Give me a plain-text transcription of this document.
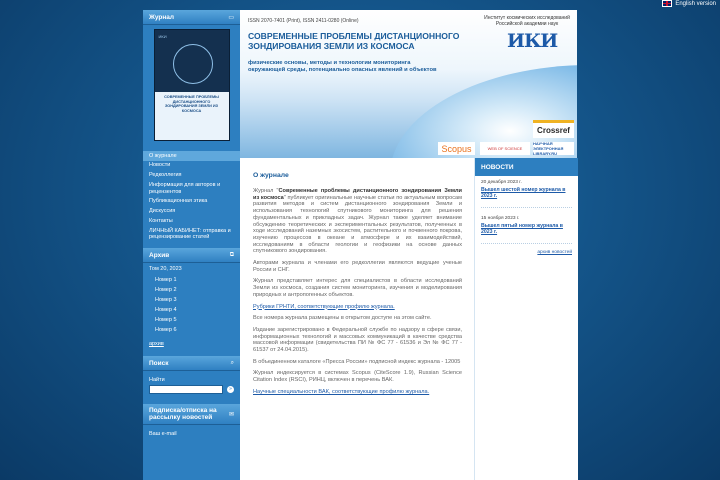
English version
Журнал	▭
ИКИ
СОВРЕМЕННЫЕ ПРОБЛЕМЫ ДИСТАНЦИОННОГО ЗОНДИРОВАНИЯ ЗЕМЛИ ИЗ КОСМОСА
О журнале
Новости
Редколлегия
Информация для авторов и рецензентов
Публикационная этика
Дискуссия
Контакты
ЛИЧНЫЙ КАБИНЕТ: отправка и рецензирование статей
Архив	⧉
Том 20, 2023
Номер 1
Номер 2
Номер 3
Номер 4
Номер 5
Номер 6
архив
Поиск	⌕
Найти
»
Подписка/отписка на рассылку новостей	✉
Ваш e-mail
ISSN 2070-7401 (Print), ISSN 2411-0280 (Online)
СОВРЕМЕННЫЕ ПРОБЛЕМЫ ДИСТАНЦИОННОГО ЗОНДИРОВАНИЯ ЗЕМЛИ ИЗ КОСМОСА
физические основы, методы и технологии мониторинга окружающей среды, потенциально опасных явлений и объектов
Институт космических исследований Российской академии наук
ИКИ
Crossref
Scopus	WEB OF SCIENCE
НАУЧНАЯ ЭЛЕКТРОННАЯ LIBRARY.RU
О журнале

Журнал "Современные проблемы дистанционного зондирования Земли из космоса" публикует оригинальные научные статьи по актуальным вопросам развития методов и систем дистанционного зондирования Земли и использования технологий спутникового мониторинга для решения фундаментальных и прикладных задач. Журнал также уделяет внимание обсуждению теоретических и экспериментальных результатов, полученных в ходе исследований наземных экосистем, растительного и почвенного покрова, изучению процессов в океане и атмосфере и их взаимодействий, исследованиям в области геологии и геофизики на основе данных спутникового зондирования.

Авторами журнала и членами его редколлегии являются ведущие ученые России и СНГ.

Журнал представляет интерес для специалистов в области исследований Земли из космоса, создания систем мониторинга, изучения и моделирования природных и антропогенных объектов.

Рубрики ГРНТИ, соответствующие профилю журнала.

Все номера журнала размещены в открытом доступе на этом сайте.

Издание зарегистрировано в Федеральной службе по надзору в сфере связи, информационных технологий и массовых коммуникаций в качестве средства массовой информации (свидетельства ПИ № ФС 77 - 61536 и Эл № ФС 77 - 61537 от 24.04.2015).

В объединенном каталоге «Пресса России» подписной индекс журнала - 12005

Журнал индексируется в системах Scopus (CiteScore 1.9), Russian Science Citation Index (RSCI), РИНЦ, включен в перечень ВАК.

Научные специальности ВАК, соответствующие профилю журнала.

НОВОСТИ
20 декабря 2023 г.
Вышел шестой номер журнала в 2023 г.
15 ноября 2023 г.
Вышел пятый номер журнала в 2023 г.
архив новостей
